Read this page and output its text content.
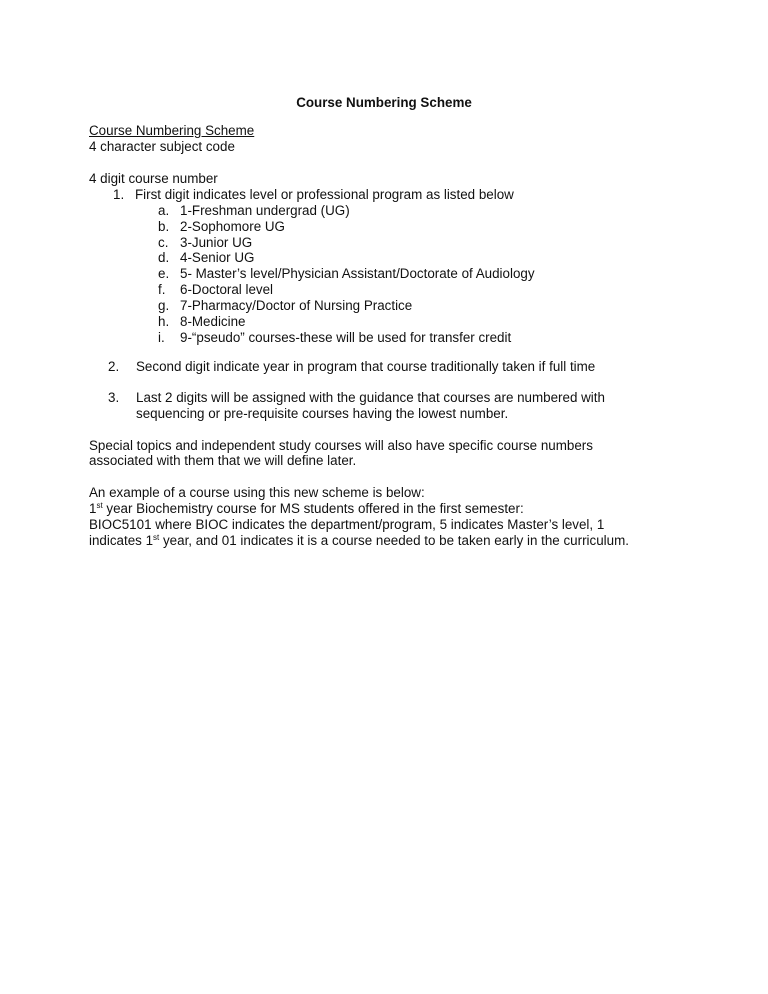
Course Numbering Scheme
Course Numbering Scheme
4 character subject code
4 digit course number
1. First digit indicates level or professional program as listed below
a. 1-Freshman undergrad (UG)
b. 2-Sophomore UG
c. 3-Junior UG
d. 4-Senior UG
e. 5- Master’s level/Physician Assistant/Doctorate of Audiology
f. 6-Doctoral level
g. 7-Pharmacy/Doctor of Nursing Practice
h. 8-Medicine
i. 9-“pseudo” courses-these will be used for transfer credit
2. Second digit indicate year in program that course traditionally taken if full time
3. Last 2 digits will be assigned with the guidance that courses are numbered with
sequencing or pre-requisite courses having the lowest number.
Special topics and independent study courses will also have specific course numbers
associated with them that we will define later.
An example of a course using this new scheme is below:
1st year Biochemistry course for MS students offered in the first semester:
BIOC5101 where BIOC indicates the department/program, 5 indicates Master’s level, 1
indicates 1st year, and 01 indicates it is a course needed to be taken early in the curriculum.
